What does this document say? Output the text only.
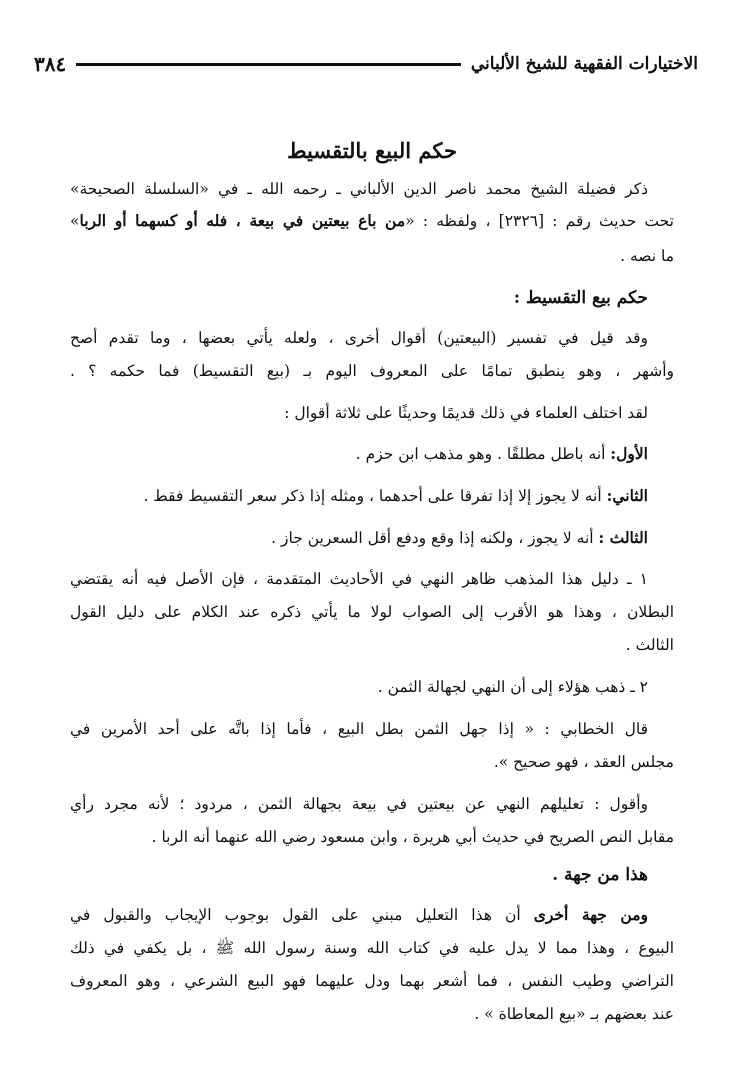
الاختيارات الفقهية للشيخ الألباني
٣٨٤
حكم البيع بالتقسيط
ذكر فضيلة الشيخ محمد ناصر الدين الألباني ـ رحمه الله ـ في «السلسلة الصحيحة»
تحت حديث رقم : [٢٣٢٦] ، ولفظه : «من باع بيعتين في بيعة ، فله أو كسهما أو الربا»
ما نصه .
حكم بيع التقسيط :
وقد قيل في تفسير (البيعتين) أقوال أخرى ، ولعله يأتي بعضها ، وما تقدم أصح
وأشهر ، وهو ينطبق تمامًا على المعروف اليوم بـ (بيع التقسيط) فما حكمه ؟ .
لقد اختلف العلماء في ذلك قديمًا وحديثًا على ثلاثة أقوال :
الأول: أنه باطل مطلقًا . وهو مذهب ابن حزم .
الثاني: أنه لا يجوز إلا إذا تفرقا على أحدهما ، ومثله إذا ذكر سعر التقسيط فقط .
الثالث : أنه لا يجوز ، ولكنه إذا وقع ودفع أقل السعرين جاز .
١ ـ دليل هذا المذهب ظاهر النهي في الأحاديث المتقدمة ، فإن الأصل فيه أنه يقتضي
البطلان ، وهذا هو الأقرب إلى الصواب لولا ما يأتي ذكره عند الكلام على دليل القول
الثالث .
٢ ـ ذهب هؤلاء إلى أن النهي لجهالة الثمن .
قال الخطابي : « إذا جهل الثمن بطل البيع ، فأما إذا باتَّه على أحد الأمرين في
مجلس العقد ، فهو صحيح ».
وأقول : تعليلهم النهي عن بيعتين في بيعة بجهالة الثمن ، مردود ؛ لأنه مجرد رأي
مقابل النص الصريح في حديث أبي هريرة ، وابن مسعود رضي الله عنهما أنه الربا .
هذا من جهة .
ومن جهة أخرى أن هذا التعليل مبني على القول بوجوب الإيجاب والقبول في
البيوع ، وهذا مما لا يدل عليه في كتاب الله وسنة رسول الله ﷺ ، بل يكفي في ذلك
التراضي وطيب النفس ، فما أشعر بهما ودل عليهما فهو البيع الشرعي ، وهو المعروف
عند بعضهم بـ «بيع المعاطاة » .
